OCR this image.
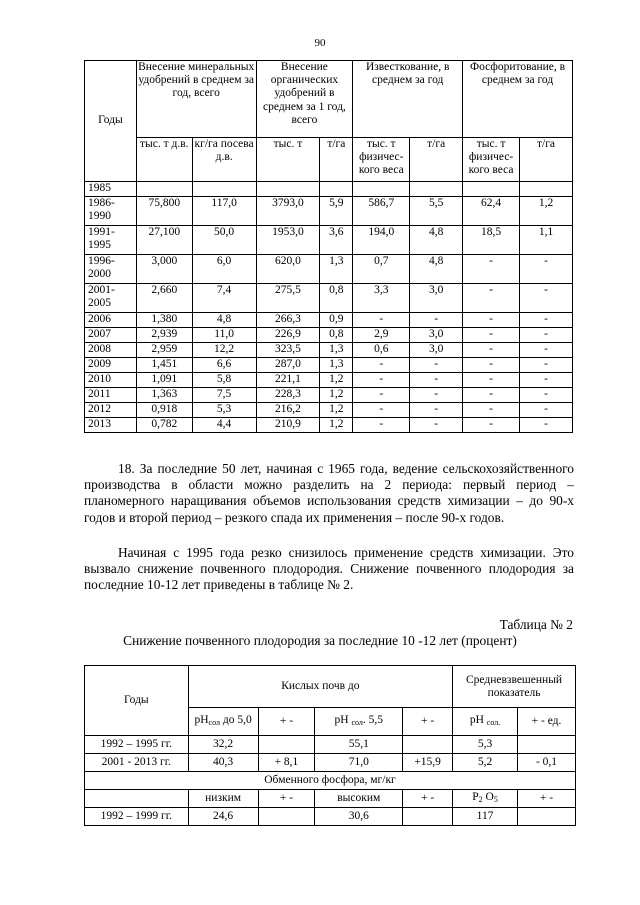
90
Годы	Внесение минеральных удобрений в среднем за год, всего		Внесение органических удобрений в среднем за 1 год, всего		Известкование, в среднем за год		Фосфоритование, в среднем за год	
	тыс. т д.в.	кг/га посева д.в.	тыс. т	т/га	тыс. т физичес-кого веса	т/га	тыс. т физичес-кого веса	т/га
1985								
1986-1990	75,800	117,0	3793,0	5,9	586,7	5,5	62,4	1,2
1991-1995	27,100	50,0	1953,0	3,6	194,0	4,8	18,5	1,1
1996-2000	3,000	6,0	620,0	1,3	0,7	4,8	-	-
2001-2005	2,660	7,4	275,5	0,8	3,3	3,0	-	-
2006	1,380	4,8	266,3	0,9	-	-	-	-
2007	2,939	11,0	226,9	0,8	2,9	3,0	-	-
2008	2,959	12,2	323,5	1,3	0,6	3,0	-	-
2009	1,451	6,6	287,0	1,3	-	-	-	-
2010	1,091	5,8	221,1	1,2	-	-	-	-
2011	1,363	7,5	228,3	1,2	-	-	-	-
2012	0,918	5,3	216,2	1,2	-	-	-	-
2013	0,782	4,4	210,9	1,2	-	-	-	-
18. За последние 50 лет, начиная с 1965 года, ведение сельскохозяйственного производства в области можно разделить на 2 периода: первый период – планомерного наращивания объемов использования средств химизации – до 90-х годов и второй период – резкого спада их применения – после 90-х годов.
Начиная с 1995 года резко снизилось применение средств химизации. Это вызвало снижение почвенного плодородия. Снижение почвенного плодородия за последние 10-12 лет приведены в таблице № 2.
Таблица № 2
Снижение почвенного плодородия за последние 10 -12 лет (процент)
Годы	Кислых почв до				Средневзвешенный показатель	
	$рН_{сол}$ до 5,0	+ -	рН $_{сол}$. 5,5	+ -	рН $_{сол.}$	+ - ед.
1992 – 1995 гг.	32,2		55,1		5,3	
2001 - 2013 гг.	40,3	+ 8,1	71,0	+15,9	5,2	- 0,1
Обменного фосфора, мг/кг						
	низким	+ -	высоким	+ -	$Р_2$ $О_5$	+ -
1992 – 1999 гг.	24,6		30,6		117	
